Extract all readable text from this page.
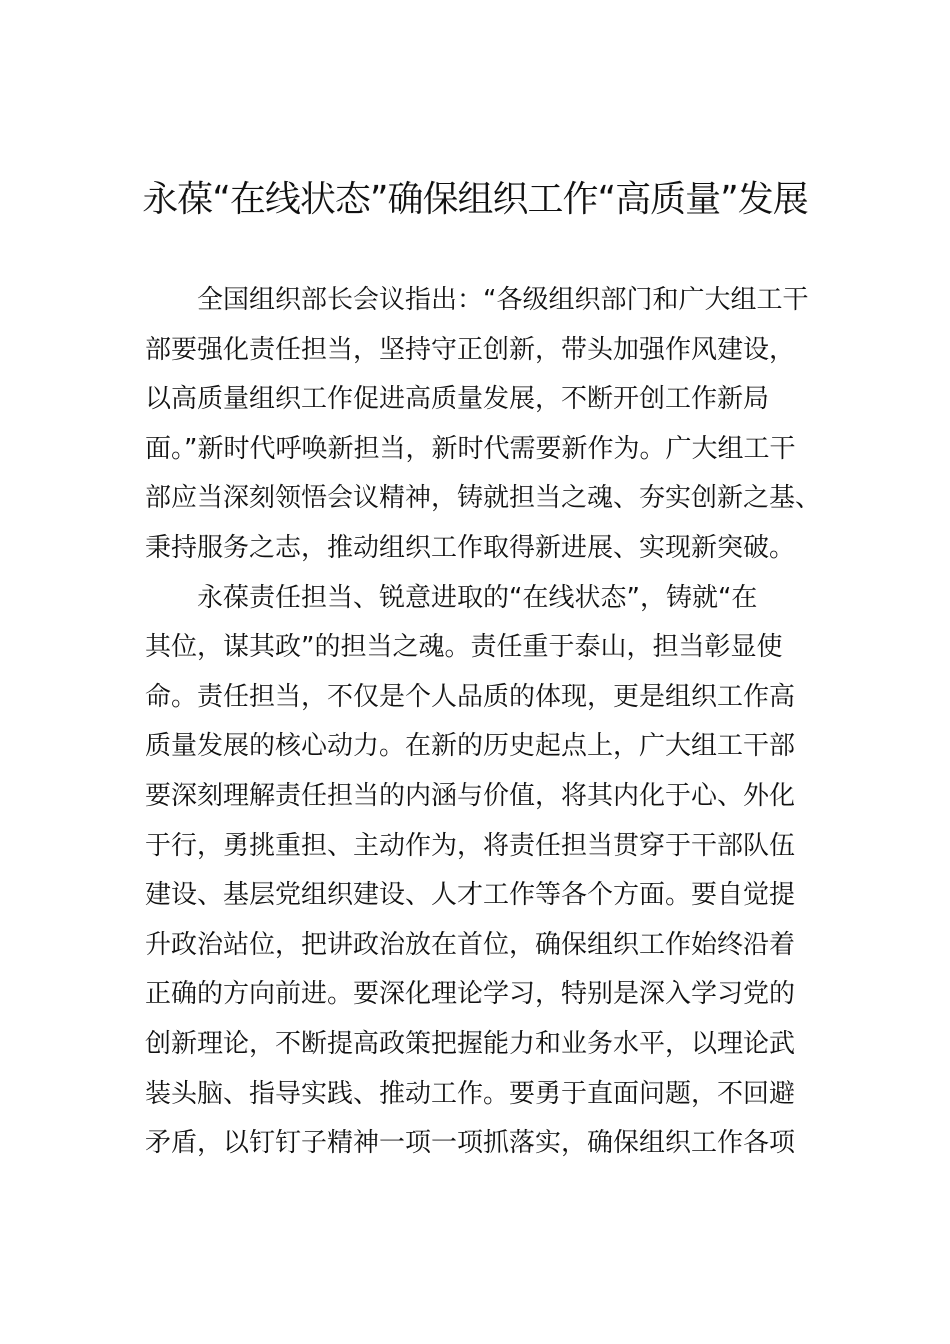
永葆“在线状态”确保组织工作“高质量”发展
全国组织部长会议指出：“各级组织部门和广大组工干
部要强化责任担当，坚持守正创新，带头加强作风建设，
以高质量组织工作促进高质量发展，不断开创工作新局
面。”新时代呼唤新担当，新时代需要新作为。广大组工干
部应当深刻领悟会议精神，铸就担当之魂、夯实创新之基、
秉持服务之志，推动组织工作取得新进展、实现新突破。
永葆责任担当、锐意进取的“在线状态”，铸就“在
其位，谋其政”的担当之魂。责任重于泰山，担当彰显使
命。责任担当，不仅是个人品质的体现，更是组织工作高
质量发展的核心动力。在新的历史起点上，广大组工干部
要深刻理解责任担当的内涵与价值，将其内化于心、外化
于行，勇挑重担、主动作为，将责任担当贯穿于干部队伍
建设、基层党组织建设、人才工作等各个方面。要自觉提
升政治站位，把讲政治放在首位，确保组织工作始终沿着
正确的方向前进。要深化理论学习，特别是深入学习党的
创新理论，不断提高政策把握能力和业务水平，以理论武
装头脑、指导实践、推动工作。要勇于直面问题，不回避
矛盾，以钉钉子精神一项一项抓落实，确保组织工作各项
